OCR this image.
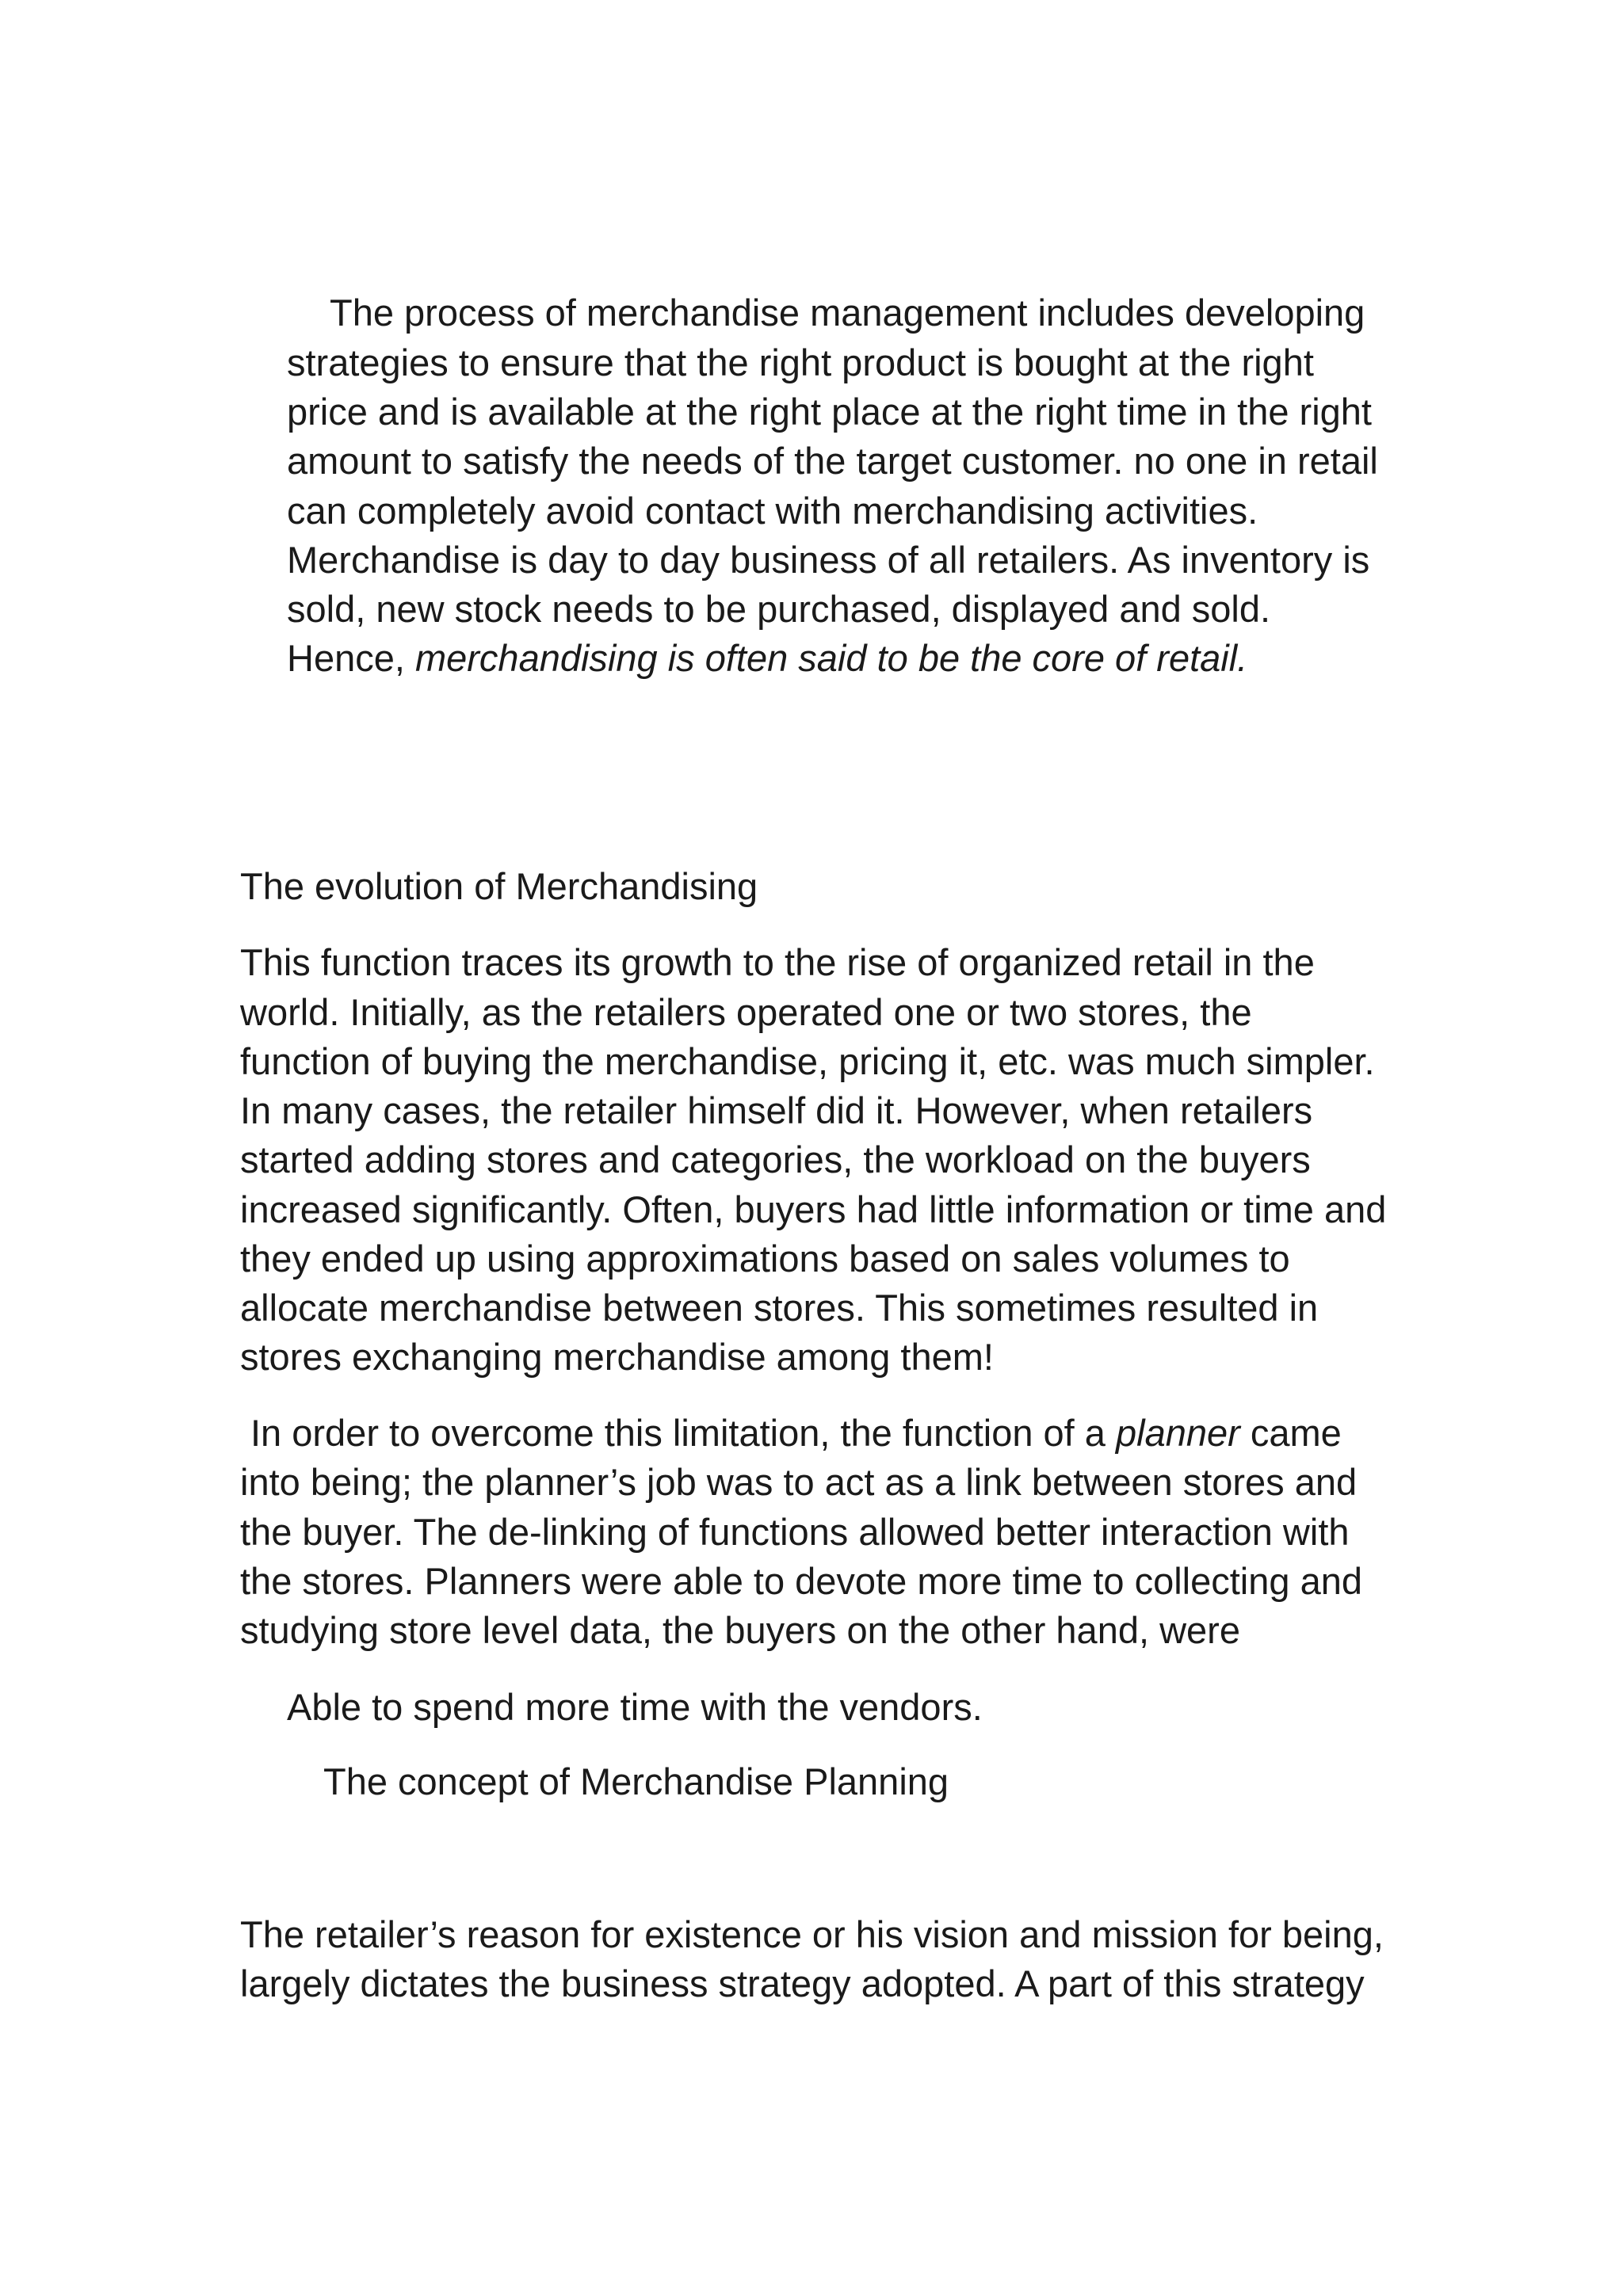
The process of merchandise management includes developing
strategies to ensure that the right product is bought at the right
price and is available at the right place at the right time in the right
amount to satisfy the needs of the target customer. no one in retail
can completely avoid contact with merchandising activities.
Merchandise is day to day business of all retailers. As inventory is
sold, new stock needs to be purchased, displayed and sold.
Hence, merchandising is often said to be the core of retail.
The evolution of Merchandising
This function traces its growth to the rise of organized retail in the
world. Initially, as the retailers operated one or two stores, the
function of buying the merchandise, pricing it, etc. was much simpler.
In many cases, the retailer himself did it. However, when retailers
started adding stores and categories, the workload on the buyers
increased significantly. Often, buyers had little information or time and
they ended up using approximations based on sales volumes to
allocate merchandise between stores. This sometimes resulted in
stores exchanging merchandise among them!
In order to overcome this limitation, the function of a planner came
into being; the planner’s job was to act as a link between stores and
the buyer. The de-linking of functions allowed better interaction with
the stores. Planners were able to devote more time to collecting and
studying store level data, the buyers on the other hand, were
Able to spend more time with the vendors.
The concept of Merchandise Planning
The retailer’s reason for existence or his vision and mission for being,
largely dictates the business strategy adopted. A part of this strategy
